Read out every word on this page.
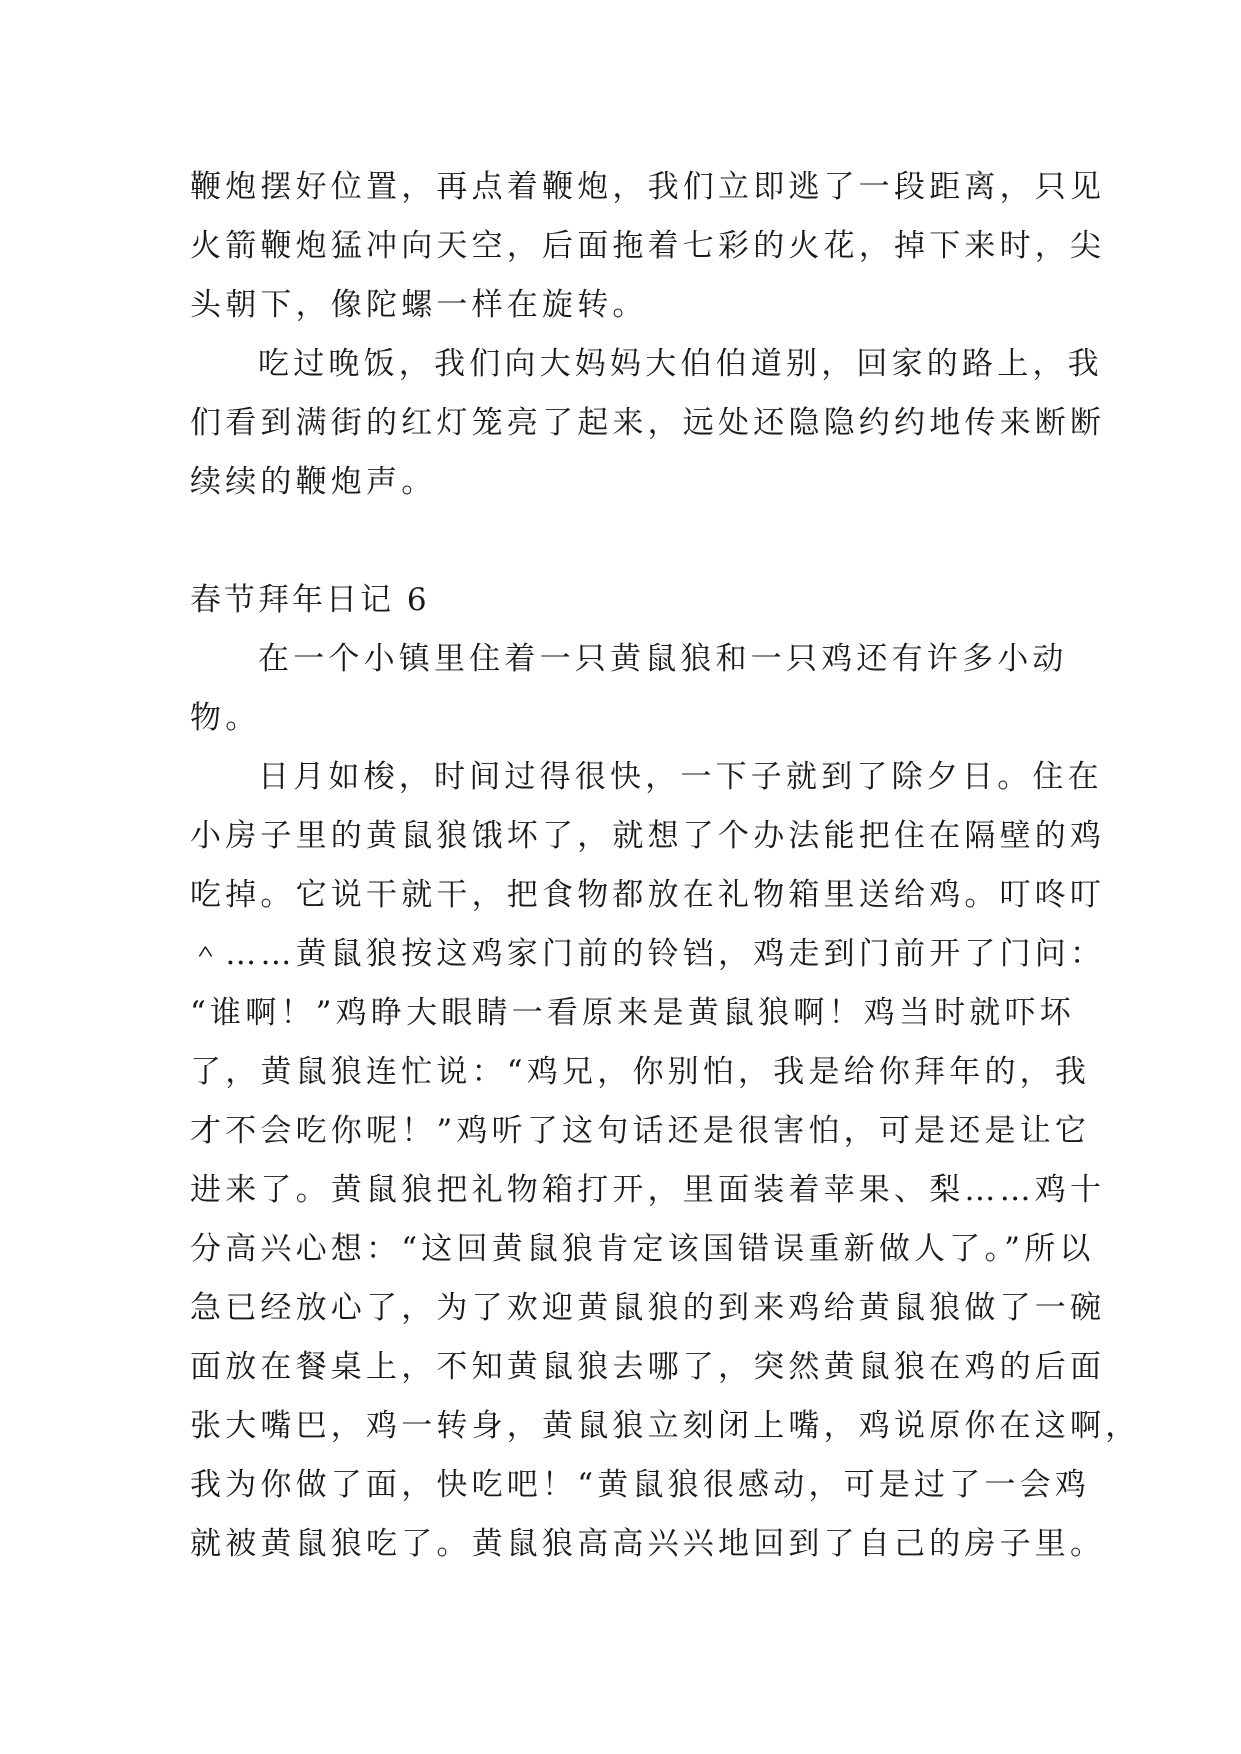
鞭炮摆好位置，再点着鞭炮，我们立即逃了一段距离，只见
火箭鞭炮猛冲向天空，后面拖着七彩的火花，掉下来时，尖
头朝下，像陀螺一样在旋转。
吃过晚饭，我们向大妈妈大伯伯道别，回家的路上，我
们看到满街的红灯笼亮了起来，远处还隐隐约约地传来断断
续续的鞭炮声。
春节拜年日记 6
在一个小镇里住着一只黄鼠狼和一只鸡还有许多小动
物。
日月如梭，时间过得很快，一下子就到了除夕日。住在
小房子里的黄鼠狼饿坏了，就想了个办法能把住在隔壁的鸡
吃掉。它说干就干，把食物都放在礼物箱里送给鸡。叮咚叮
＾……黄鼠狼按这鸡家门前的铃铛，鸡走到门前开了门问：
“谁啊！”鸡睁大眼睛一看原来是黄鼠狼啊！鸡当时就吓坏
了，黄鼠狼连忙说：“鸡兄，你别怕，我是给你拜年的，我
才不会吃你呢！”鸡听了这句话还是很害怕，可是还是让它
进来了。黄鼠狼把礼物箱打开，里面装着苹果、梨……鸡十
分高兴心想：“这回黄鼠狼肯定该国错误重新做人了。”所以
急已经放心了，为了欢迎黄鼠狼的到来鸡给黄鼠狼做了一碗
面放在餐桌上，不知黄鼠狼去哪了，突然黄鼠狼在鸡的后面
张大嘴巴，鸡一转身，黄鼠狼立刻闭上嘴，鸡说原你在这啊，
我为你做了面，快吃吧！“黄鼠狼很感动，可是过了一会鸡
就被黄鼠狼吃了。黄鼠狼高高兴兴地回到了自己的房子里。
